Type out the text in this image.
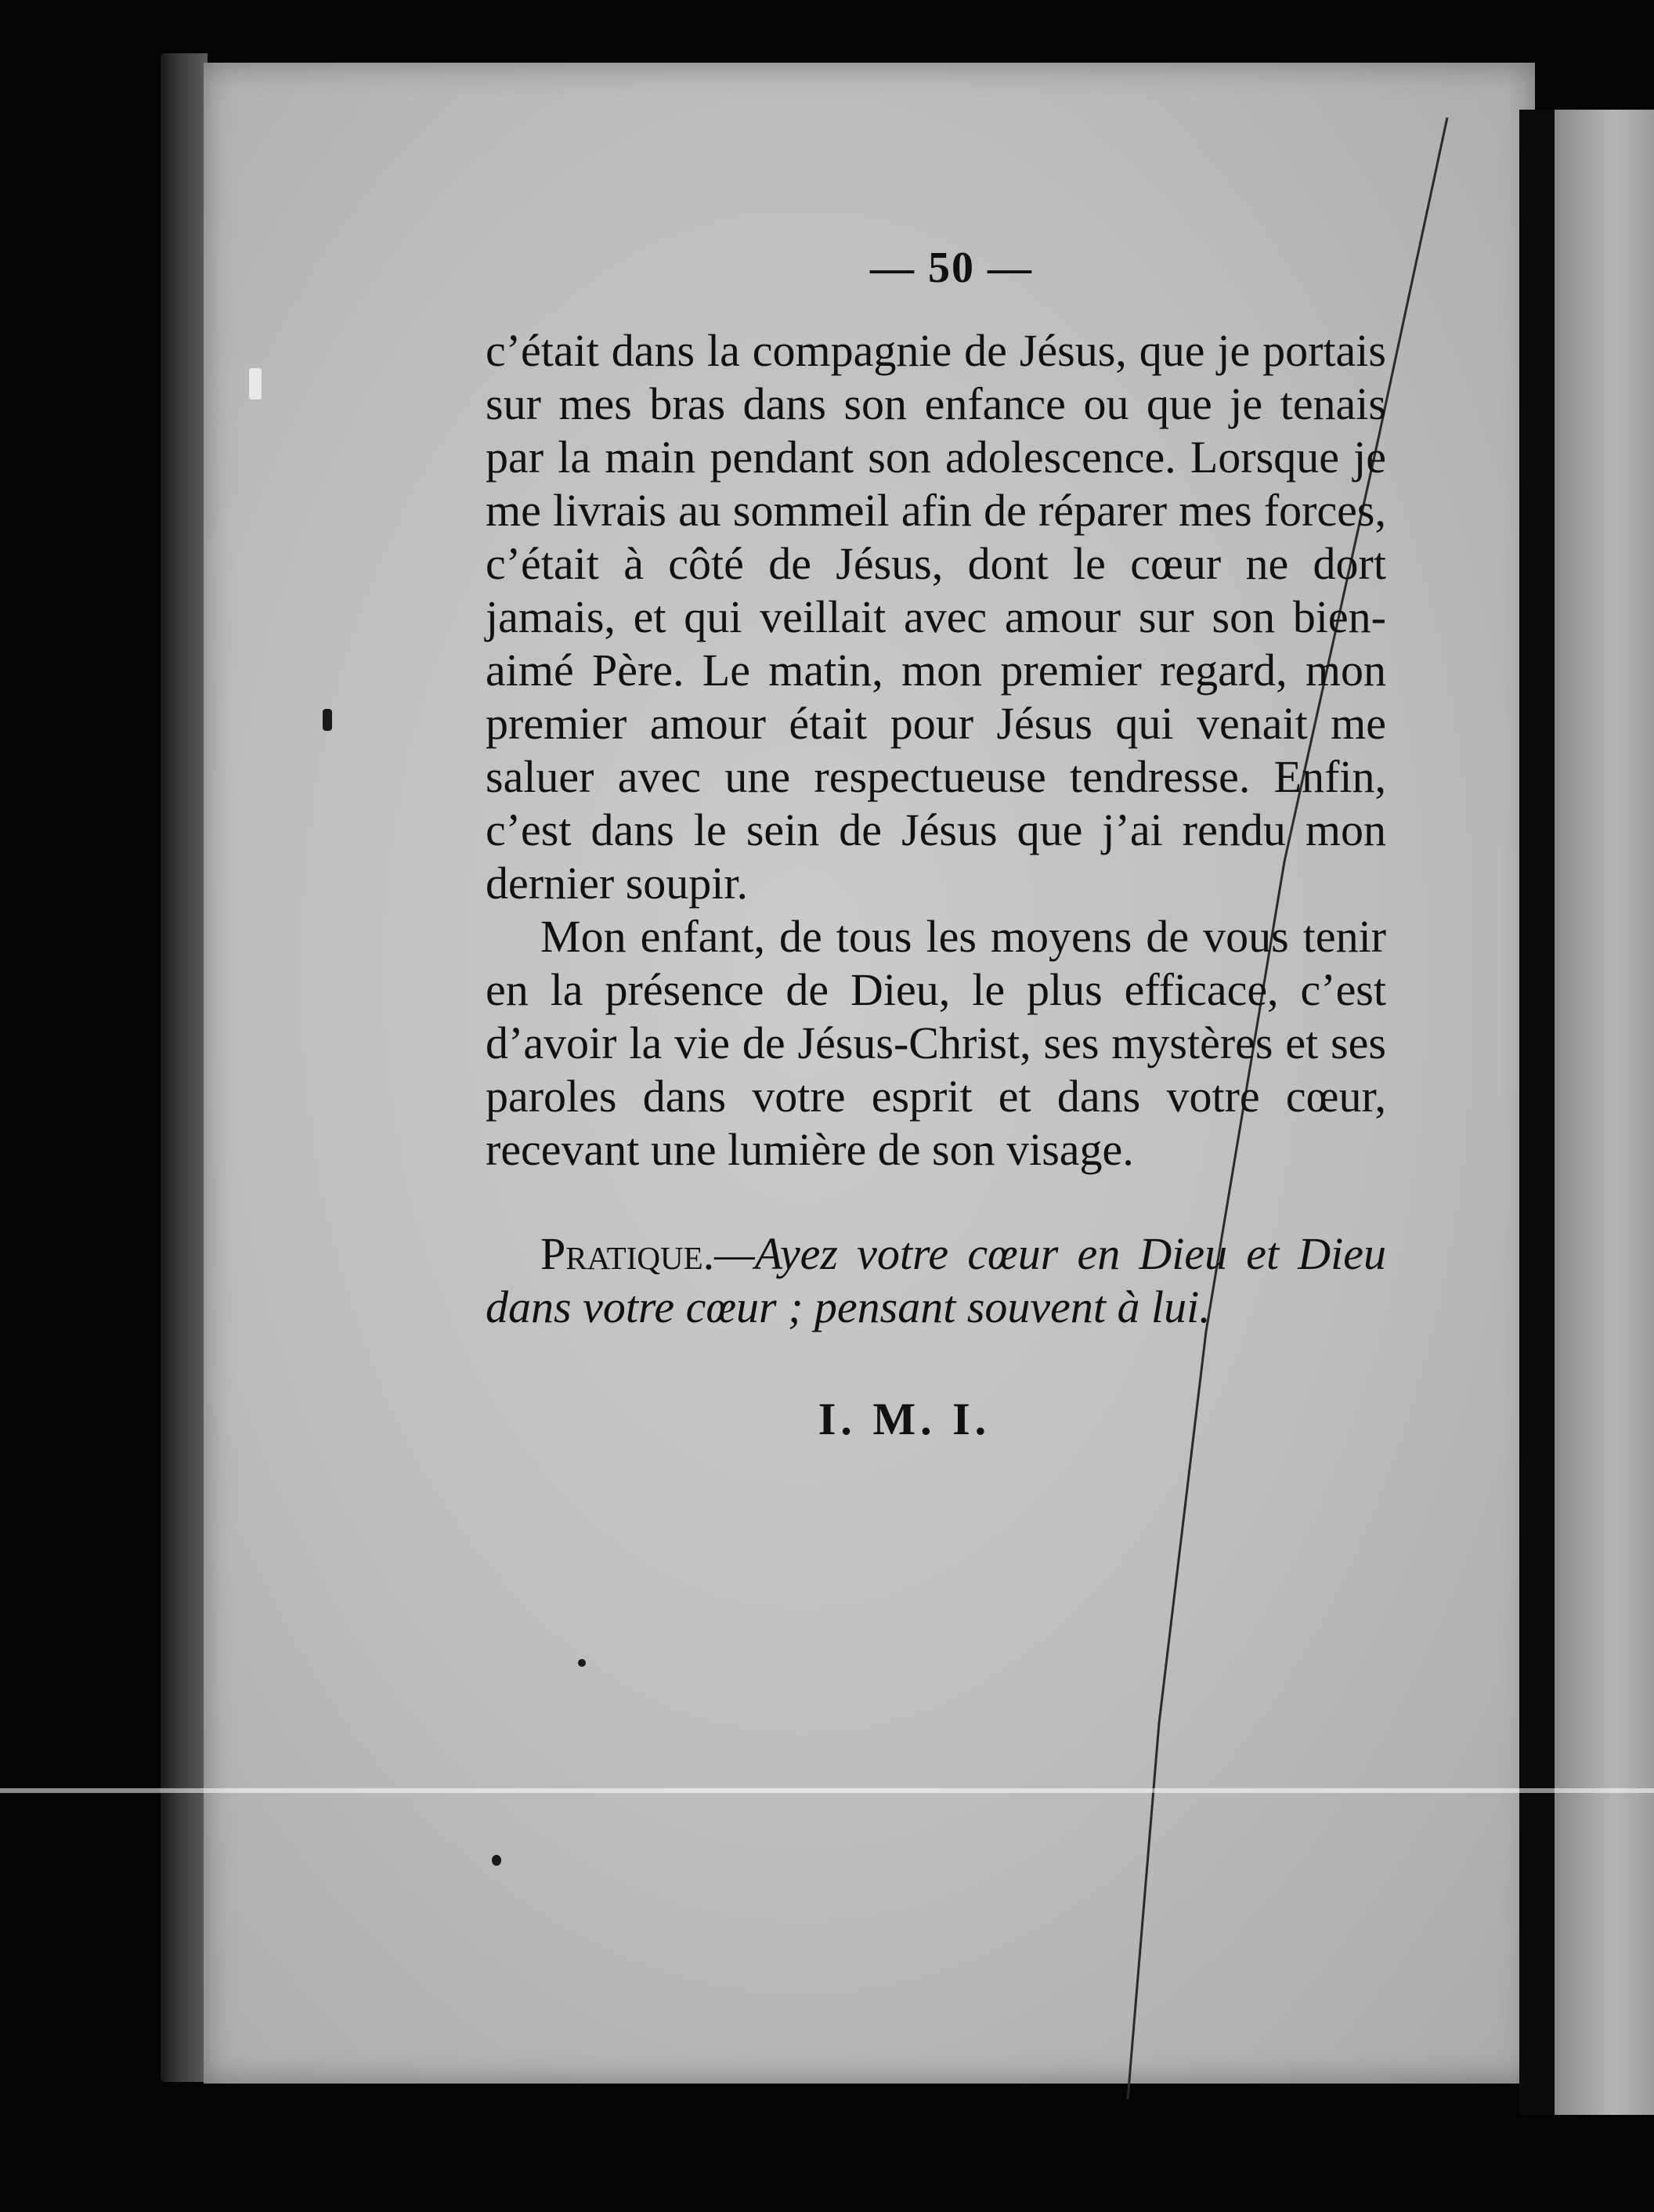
— 50 —

c’était dans la compagnie de Jésus, que je portais sur mes bras dans son enfance ou que je tenais par la main pendant son adolescence. Lorsque je me livrais au sommeil afin de réparer mes forces, c’était à côté de Jésus, dont le cœur ne dort jamais, et qui veillait avec amour sur son bien-aimé Père. Le matin, mon premier regard, mon premier amour était pour Jésus qui venait me saluer avec une respectueuse tendresse. Enfin, c’est dans le sein de Jésus que j’ai rendu mon dernier soupir.

Mon enfant, de tous les moyens de vous tenir en la présence de Dieu, le plus efficace, c’est d’avoir la vie de Jésus-Christ, ses mystères et ses paroles dans votre esprit et dans votre cœur, recevant une lumière de son visage.

Pratique.—Ayez votre cœur en Dieu et Dieu dans votre cœur ; pensant souvent à lui.
I. M. I.
